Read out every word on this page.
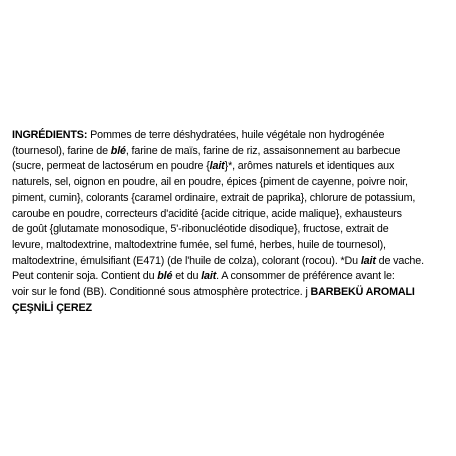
INGRÉDIENTS: Pommes de terre déshydratées, huile végétale non hydrogénée
(tournesol), farine de blé, farine de maïs, farine de riz, assaisonnement au barbecue
(sucre, permeat de lactosérum en poudre {lait}*, arômes naturels et identiques aux
naturels, sel, oignon en poudre, ail en poudre, épices {piment de cayenne, poivre noir,
piment, cumin}, colorants {caramel ordinaire, extrait de paprika}, chlorure de potassium,
caroube en poudre, correcteurs d'acidité {acide citrique, acide malique}, exhausteurs
de goût {glutamate monosodique, 5'-ribonucléotide disodique}, fructose, extrait de
levure, maltodextrine, maltodextrine fumée, sel fumé, herbes, huile de tournesol),
maltodextrine, émulsifiant (E471) (de l'huile de colza), colorant (rocou). *Du lait de vache.
Peut contenir soja. Contient du blé et du lait. A consommer de préférence avant le:
voir sur le fond (BB). Conditionné sous atmosphère protectrice. j BARBEKÜ AROMALI
ÇEŞNİLİ ÇEREZ
